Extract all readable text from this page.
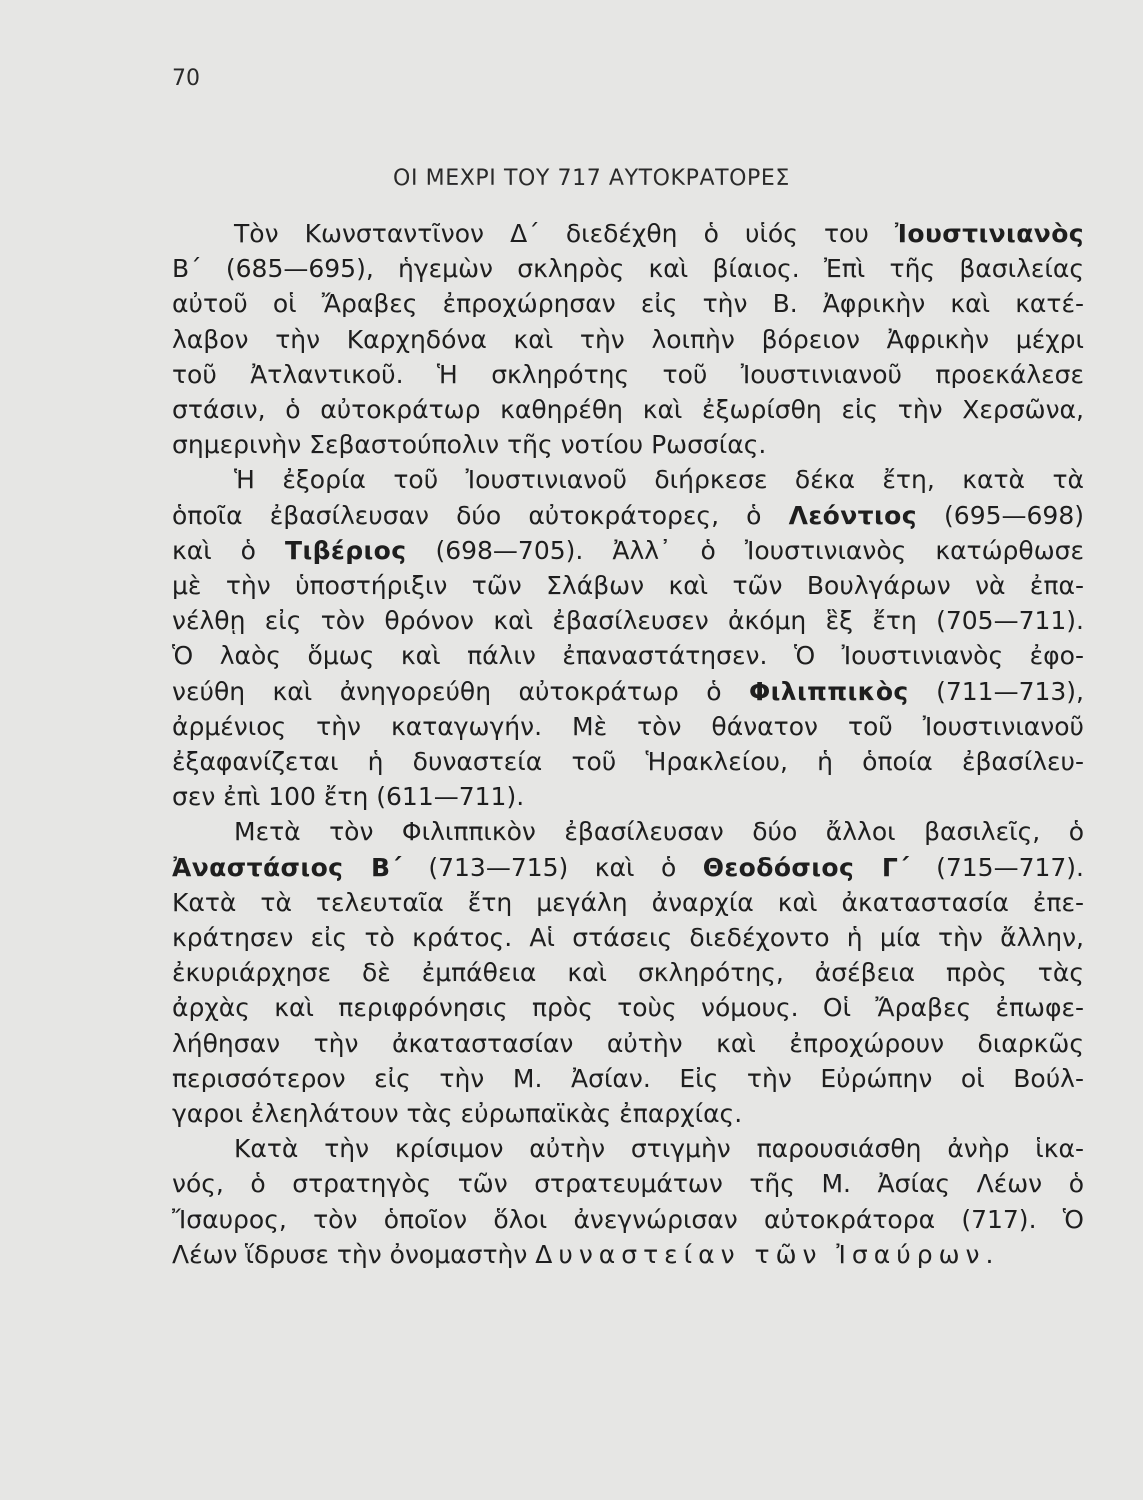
70
ΟΙ ΜΕΧΡΙ ΤΟΥ 717 ΑΥΤΟΚΡΑΤΟΡΕΣ
Τὸν Κωνσταντῖνον Δ΄ διεδέχθη ὁ υἱός του Ἰουστινιανὸς
Β΄ (685—695), ἡγεμὼν σκληρὸς καὶ βίαιος. Ἐπὶ τῆς βασιλείας
αὐτοῦ οἱ Ἄραβες ἐπροχώρησαν εἰς τὴν Β. Ἀφρικὴν καὶ κατέ-
λαβον τὴν Καρχηδόνα καὶ τὴν λοιπὴν βόρειον Ἀφρικὴν μέχρι
τοῦ Ἀτλαντικοῦ. Ἡ σκληρότης τοῦ Ἰουστινιανοῦ προεκάλεσε
στάσιν, ὁ αὐτοκράτωρ καθηρέθη καὶ ἐξωρίσθη εἰς τὴν Χερσῶνα,
σημερινὴν Σεβαστούπολιν τῆς νοτίου Ρωσσίας.
Ἡ ἐξορία τοῦ Ἰουστινιανοῦ διήρκεσε δέκα ἔτη, κατὰ τὰ
ὁποῖα ἐβασίλευσαν δύο αὐτοκράτορες, ὁ Λεόντιος (695—698)
καὶ ὁ Τιβέριος (698—705). Ἀλλ᾽ ὁ Ἰουστινιανὸς κατώρθωσε
μὲ τὴν ὑποστήριξιν τῶν Σλάβων καὶ τῶν Βουλγάρων νὰ ἐπα-
νέλθῃ εἰς τὸν θρόνον καὶ ἐβασίλευσεν ἀκόμη ἓξ ἔτη (705—711).
Ὁ λαὸς ὅμως καὶ πάλιν ἐπαναστάτησεν. Ὁ Ἰουστινιανὸς ἐφο-
νεύθη καὶ ἀνηγορεύθη αὐτοκράτωρ ὁ Φιλιππικὸς (711—713),
ἀρμένιος τὴν καταγωγήν. Μὲ τὸν θάνατον τοῦ Ἰουστινιανοῦ
ἐξαφανίζεται ἡ δυναστεία τοῦ Ἡρακλείου, ἡ ὁποία ἐβασίλευ-
σεν ἐπὶ 100 ἔτη (611—711).
Μετὰ τὸν Φιλιππικὸν ἐβασίλευσαν δύο ἄλλοι βασιλεῖς, ὁ
Ἀναστάσιος Β΄ (713—715) καὶ ὁ Θεοδόσιος Γ΄ (715—717).
Κατὰ τὰ τελευταῖα ἔτη μεγάλη ἀναρχία καὶ ἀκαταστασία ἐπε-
κράτησεν εἰς τὸ κράτος. Αἱ στάσεις διεδέχοντο ἡ μία τὴν ἄλλην,
ἐκυριάρχησε δὲ ἐμπάθεια καὶ σκληρότης, ἀσέβεια πρὸς τὰς
ἀρχὰς καὶ περιφρόνησις πρὸς τοὺς νόμους. Οἱ Ἄραβες ἐπωφε-
λήθησαν τὴν ἀκαταστασίαν αὐτὴν καὶ ἐπροχώρουν διαρκῶς
περισσότερον εἰς τὴν Μ. Ἀσίαν. Εἰς τὴν Εὐρώπην οἱ Βούλ-
γαροι ἐλεηλάτουν τὰς εὐρωπαϊκὰς ἐπαρχίας.
Κατὰ τὴν κρίσιμον αὐτὴν στιγμὴν παρουσιάσθη ἀνὴρ ἱκα-
νός, ὁ στρατηγὸς τῶν στρατευμάτων τῆς Μ. Ἀσίας Λέων ὁ
Ἴσαυρος, τὸν ὁποῖον ὅλοι ἀνεγνώρισαν αὐτοκράτορα (717). Ὁ
Λέων ἵδρυσε τὴν ὀνομαστὴν Δυναστείαν τῶν Ἰσαύρων.
